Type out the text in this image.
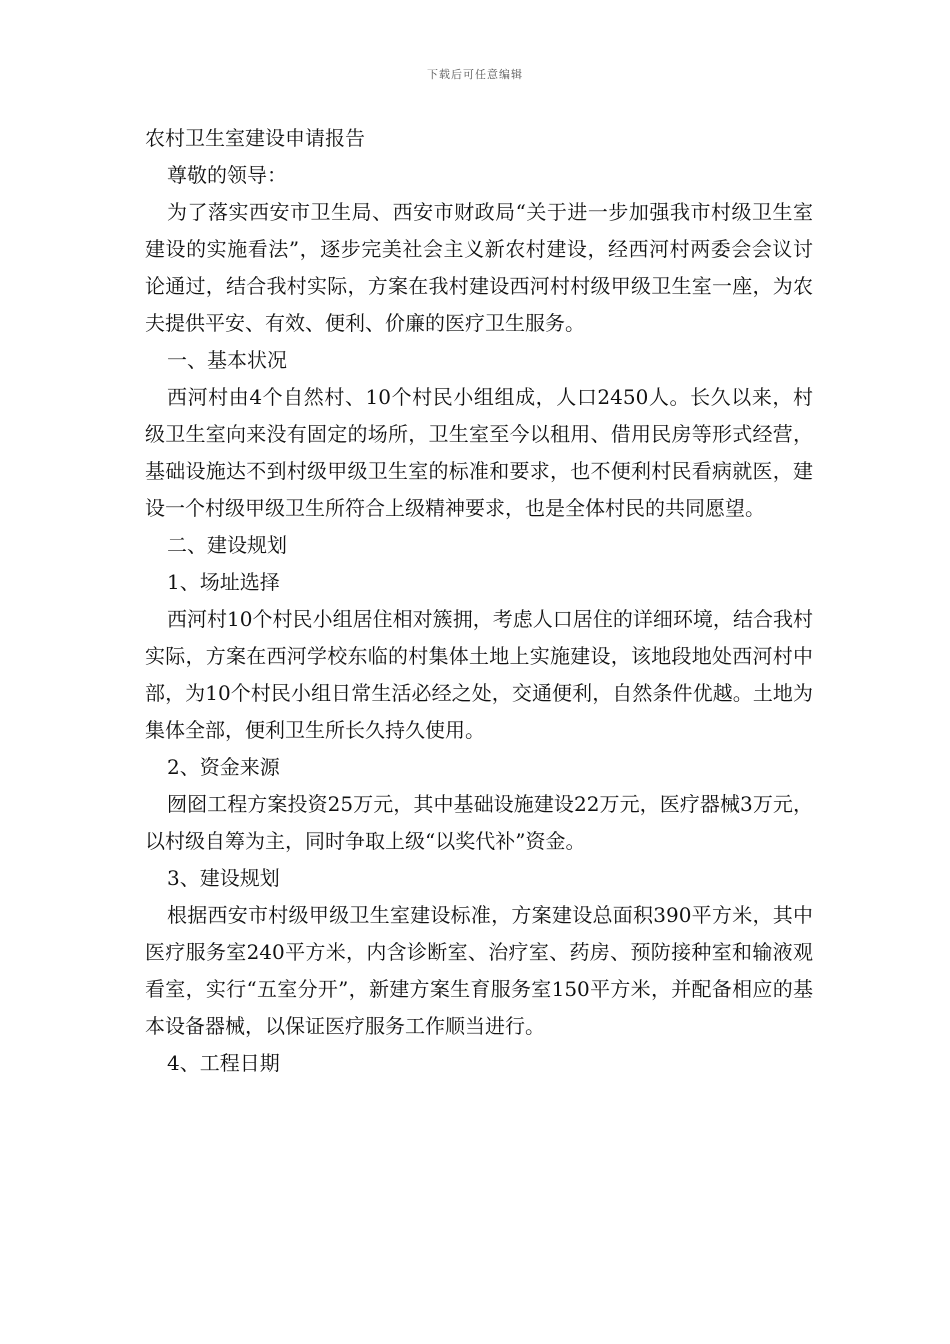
下载后可任意编辑

农村卫生室建设申请报告

尊敬的领导：

为了落实西安市卫生局、西安市财政局“关于进一步加强我市村级卫生室建设的实施看法”，逐步完美社会主义新农村建设，经西河村两委会会议讨论通过，结合我村实际，方案在我村建设西河村村级甲级卫生室一座，为农夫提供平安、有效、便利、价廉的医疗卫生服务。

一、基本状况

西河村由4个自然村、10个村民小组组成，人口2450人。长久以来，村级卫生室向来没有固定的场所，卫生室至今以租用、借用民房等形式经营，基础设施达不到村级甲级卫生室的标准和要求，也不便利村民看病就医，建设一个村级甲级卫生所符合上级精神要求，也是全体村民的共同愿望。

二、建设规划

1、场址选择

西河村10个村民小组居住相对簇拥，考虑人口居住的详细环境，结合我村实际，方案在西河学校东临的村集体土地上实施建设，该地段地处西河村中部，为10个村民小组日常生活必经之处，交通便利，自然条件优越。土地为集体全部，便利卫生所长久持久使用。

2、资金来源

囫囵工程方案投资25万元，其中基础设施建设22万元，医疗器械3万元，以村级自筹为主，同时争取上级“以奖代补”资金。

3、建设规划

根据西安市村级甲级卫生室建设标准，方案建设总面积390平方米，其中医疗服务室240平方米，内含诊断室、治疗室、药房、预防接种室和输液观看室，实行“五室分开”，新建方案生育服务室150平方米，并配备相应的基本设备器械，以保证医疗服务工作顺当进行。

4、工程日期
